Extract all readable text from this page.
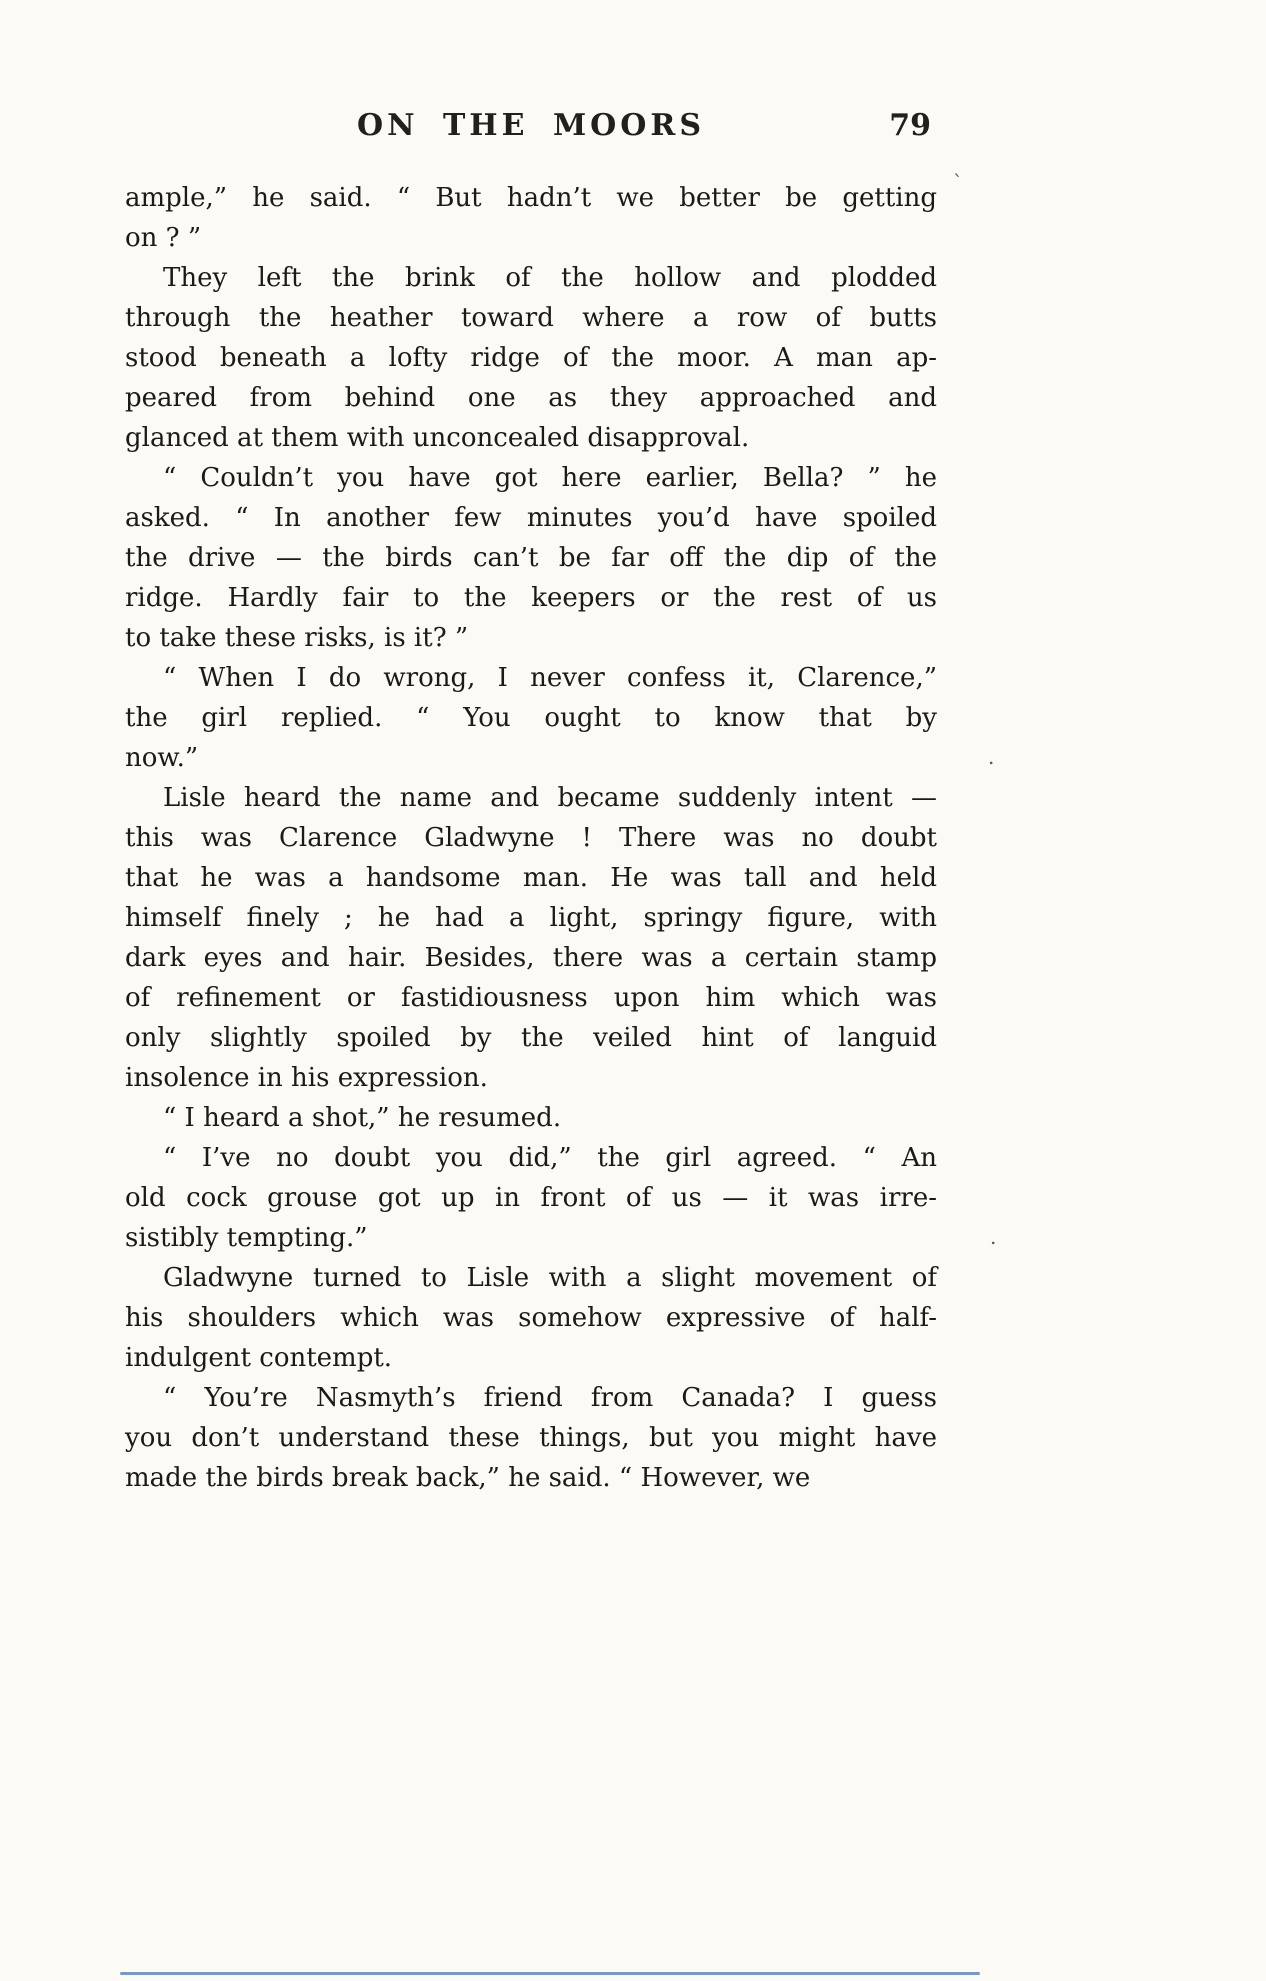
ON THE MOORS	79
ample,” he said. “ But hadn’t we better be getting
on ? ”
They left the brink of the hollow and plodded
through the heather toward where a row of butts
stood beneath a lofty ridge of the moor. A man ap-
peared from behind one as they approached and
glanced at them with unconcealed disapproval.
“ Couldn’t you have got here earlier, Bella? ” he
asked. “ In another few minutes you’d have spoiled
the drive — the birds can’t be far off the dip of the
ridge. Hardly fair to the keepers or the rest of us
to take these risks, is it? ”
“ When I do wrong, I never confess it, Clarence,”
the girl replied. “ You ought to know that by
now.”
Lisle heard the name and became suddenly intent —
this was Clarence Gladwyne ! There was no doubt
that he was a handsome man. He was tall and held
himself finely ; he had a light, springy figure, with
dark eyes and hair. Besides, there was a certain stamp
of refinement or fastidiousness upon him which was
only slightly spoiled by the veiled hint of languid
insolence in his expression.
“ I heard a shot,” he resumed.
“ I’ve no doubt you did,” the girl agreed. “ An
old cock grouse got up in front of us — it was irre-
sistibly tempting.”
Gladwyne turned to Lisle with a slight movement of
his shoulders which was somehow expressive of half-
indulgent contempt.
“ You’re Nasmyth’s friend from Canada? I guess
you don’t understand these things, but you might have
made the birds break back,” he said. “ However, we
`
.
.
